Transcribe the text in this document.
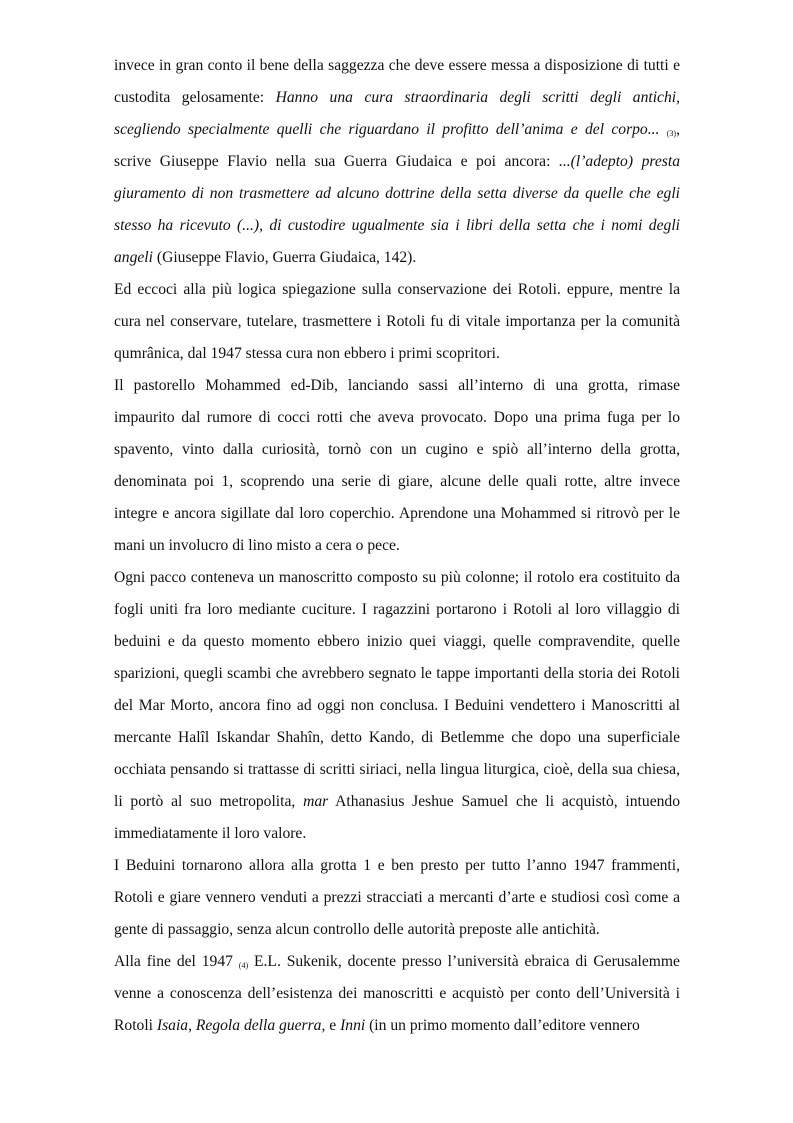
invece in gran conto il bene della saggezza che deve essere messa a disposizione di tutti e custodita gelosamente: Hanno una cura straordinaria degli scritti degli antichi, scegliendo specialmente quelli che riguardano il profitto dell’anima e del corpo... $_{(3)}$, scrive Giuseppe Flavio nella sua Guerra Giudaica e poi ancora: ...(l’adepto) presta giuramento di non trasmettere ad alcuno dottrine della setta diverse da quelle che egli stesso ha ricevuto (...), di custodire ugualmente sia i libri della setta che i nomi degli angeli (Giuseppe Flavio, Guerra Giudaica, 142).

Ed eccoci alla più logica spiegazione sulla conservazione dei Rotoli. eppure, mentre la cura nel conservare, tutelare, trasmettere i Rotoli fu di vitale importanza per la comunità qumrânica, dal 1947 stessa cura non ebbero i primi scopritori.

Il pastorello Mohammed ed-Dib, lanciando sassi all’interno di una grotta, rimase impaurito dal rumore di cocci rotti che aveva provocato. Dopo una prima fuga per lo spavento, vinto dalla curiosità, tornò con un cugino e spiò all’interno della grotta, denominata poi 1, scoprendo una serie di giare, alcune delle quali rotte, altre invece integre e ancora sigillate dal loro coperchio. Aprendone una Mohammed si ritrovò per le mani un involucro di lino misto a cera o pece.

Ogni pacco conteneva un manoscritto composto su più colonne; il rotolo era costituito da fogli uniti fra loro mediante cuciture. I ragazzini portarono i Rotoli al loro villaggio di beduini e da questo momento ebbero inizio quei viaggi, quelle compravendite, quelle sparizioni, quegli scambi che avrebbero segnato le tappe importanti della storia dei Rotoli del Mar Morto, ancora fino ad oggi non conclusa. I Beduini vendettero i Manoscritti al mercante Halîl Iskandar Shahîn, detto Kando, di Betlemme che dopo una superficiale occhiata pensando si trattasse di scritti siriaci, nella lingua liturgica, cioè, della sua chiesa, li portò al suo metropolita, mar Athanasius Jeshue Samuel che li acquistò, intuendo immediatamente il loro valore.

I Beduini tornarono allora alla grotta 1 e ben presto per tutto l’anno 1947 frammenti, Rotoli e giare vennero venduti a prezzi stracciati a mercanti d’arte e studiosi così come a gente di passaggio, senza alcun controllo delle autorità preposte alle antichità.

Alla fine del 1947 $_{(4)}$ E.L. Sukenik, docente presso l’università ebraica di Gerusalemme venne a conoscenza dell’esistenza dei manoscritti e acquistò per conto dell’Università i Rotoli Isaia, Regola della guerra, e Inni (in un primo momento dall’editore vennero
